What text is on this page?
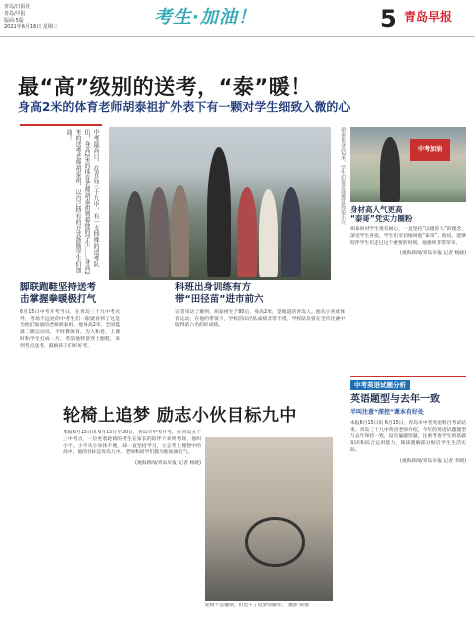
青岛/日报社
青岛/早报
版面·5版
2021年6月16日 星期三	考生·加油！	5 青岛早报
最“高”级别的送考，“泰”暖！
身高2米的体育老师胡泰祖扩外表下有一颗对学生细致入微的心
中考最高日，在青岛三十九中，有一支特殊的送考队伍，身高2米的体育老师胡泰祖领着他的学生……身高2米的送考老师胡泰祖，以自己特有的方式鼓励学生们加油！	胡泰祖身高2米，学生们靠近他都显得很小只	中考加油
脚联跑鞋坚持送考
击掌握拳暖极打气
6月15日中考开考当日，在青岛三十九中考点外，考场不远处的中考生们一眼就看到了这是为他们加油的老师胡泰祖。他身高2米，全国篮球二级运动员，平时教体育，为人和善，上课时和学生打成一片。考前他特意穿上跑鞋，来到考点送考，鼓励孩子们好好考。
科班出身训练有方
带“田径苗”进市前六
记者采访了解到，胡泰祖生于80后，身高2米，是地道的青岛人。他从小喜欢体育运动，在他的带领下，学校的田径队成绩非常不错，学校队员曾在全市比赛中取得前六名的好成绩。
身材高人气更高
“泰哥”凭实力圈粉
胡泰祖对学生很有耐心，一直坚持“以德育人”的理念，深受学生喜爱，学生们亲切地叫他“泰哥”。他说，能够陪伴学生们走过这个重要的时刻，他感到非常荣幸。
(观海新闻/青岛早报 记者 杨晓)
轮椅上追梦 励志小伙目标九中
本报6月15日讯 6月15日至30日，青岛市中考开考。在青岛五十三中考点，一位坐着轮椅的考生在家长的陪伴下来到考场，他叫小宇。小宇从小身体不便，却一直坚持学习，立志考上理想中的高中，他的目标是青岛九中。老师和同学们都为他加油打气。
(观海新闻/青岛早报 记者 杨晓)
轮椅不是枷锁，但也不了追梦的脚步。 摄影 韩强
中考英语试题分析
英语题型与去年一致
半叫注意“深挖”课本有好处
本报6月15日讯 6月15日，青岛市中考英语科目考试结束。青岛三十九中英语老师介绍，今年的英语试题题型与去年保持一致，没有偏题怪题，注重考查学生的基础知识和综合运用能力，阅读理解部分贴近学生生活实际。
(观海新闻/青岛早报 记者 李晴)
